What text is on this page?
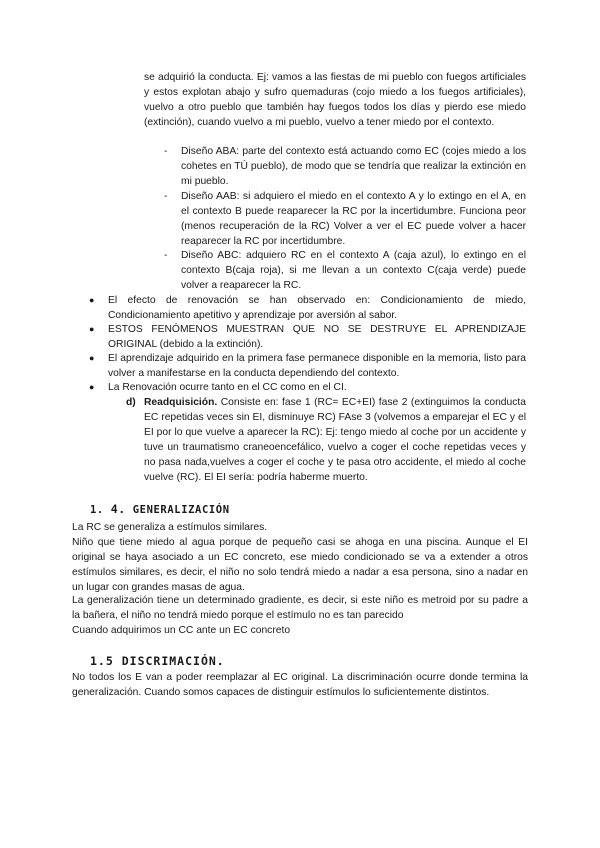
se adquirió la conducta. Ej: vamos a las fiestas de mi pueblo con fuegos artificiales y estos explotan abajo y sufro quemaduras (cojo miedo a los fuegos artificiales), vuelvo a otro pueblo que también hay fuegos todos los días y pierdo ese miedo (extinción), cuando vuelvo a mi pueblo, vuelvo a tener miedo por el contexto.
- Diseño ABA: parte del contexto está actuando como EC (cojes miedo a los cohetes en TÚ pueblo), de modo que se tendría que realizar la extinción en mi pueblo.
- Diseño AAB: si adquiero el miedo en el contexto A y lo extingo en el A, en el contexto B puede reaparecer la RC por la incertidumbre. Funciona peor (menos recuperación de la RC) Volver a ver el EC puede volver a hacer reaparecer la RC por incertidumbre.
- Diseño ABC: adquiero RC en el contexto A (caja azul), lo extingo en el contexto B(caja roja), si me llevan a un contexto C(caja verde) puede volver a reaparecer la RC.
● El efecto de renovación se han observado en: Condicionamiento de miedo, Condicionamiento apetitivo y aprendizaje por aversión al sabor.
● ESTOS FENÓMENOS MUESTRAN QUE NO SE DESTRUYE EL APRENDIZAJE ORIGINAL (debido a la extinción).
● El aprendizaje adquirido en la primera fase permanece disponible en la memoria, listo para volver a manifestarse en la conducta dependiendo del contexto.
● La Renovación ocurre tanto en el CC como en el CI.
d) Readquisición. Consiste en: fase 1 (RC= EC+EI) fase 2 (extinguimos la conducta EC repetidas veces sin EI, disminuye RC) FAse 3 (volvemos a emparejar el EC y el EI por lo que vuelve a aparecer la RC): Ej: tengo miedo al coche por un accidente y tuve un traumatismo craneoencefálico, vuelvo a coger el coche repetidas veces y no pasa nada,vuelves a coger el coche y te pasa otro accidente, el miedo al coche vuelve (RC). El EI sería: podría haberme muerto.
1. 4. GENERALIZACIÓN
La RC se generaliza a estímulos similares.
Niño que tiene miedo al agua porque de pequeño casi se ahoga en una piscina. Aunque el EI original se haya asociado a un EC concreto, ese miedo condicionado se va a extender a otros estímulos similares, es decir, el niño no solo tendrá miedo a nadar a esa persona, sino a nadar en un lugar con grandes masas de agua.
La generalización tiene un determinado gradiente, es decir, si este niño es metroid por su padre a la bañera, el niño no tendrá miedo porque el estímulo no es tan parecido
Cuando adquirimos un CC ante un EC concreto
1.5 DISCRIMACIÓN.
No todos los E van a poder reemplazar al EC original. La discriminación ocurre donde termina la generalización. Cuando somos capaces de distinguir estímulos lo suficientemente distintos.
